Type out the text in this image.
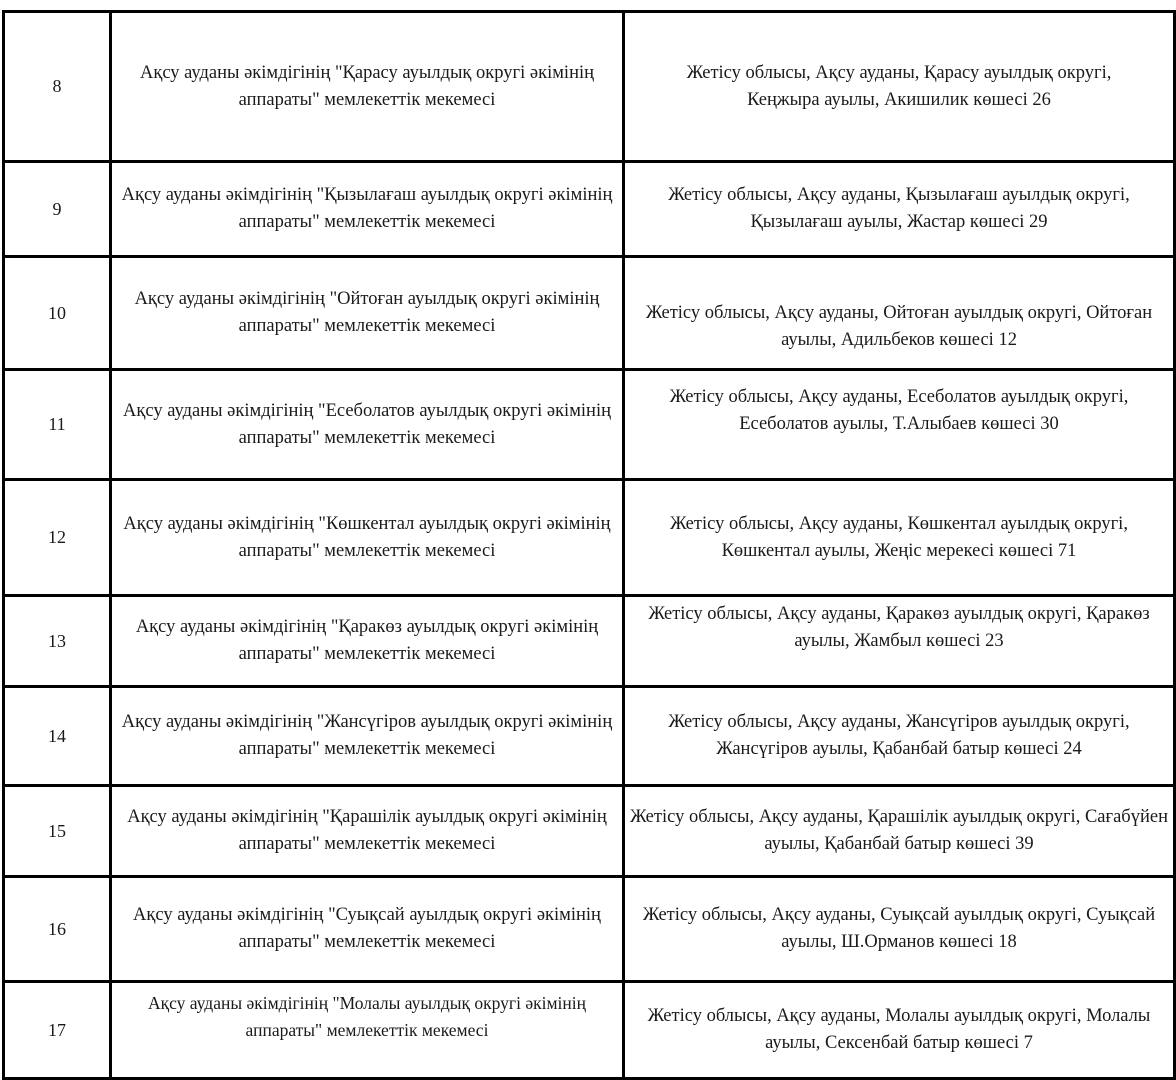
8	Ақсу ауданы әкімдігінің "Қарасу ауылдық округі әкімінің аппараты" мемлекеттік мекемесі	Жетісу облысы, Ақсу ауданы, Қарасу ауылдық округі, Кеңжыра ауылы, Акишилик көшесі 26
9	Ақсу ауданы әкімдігінің "Қызылағаш ауылдық округі әкімінің аппараты" мемлекеттік мекемесі	Жетісу облысы, Ақсу ауданы, Қызылағаш ауылдық округі, Қызылағаш ауылы, Жастар көшесі 29
10	Ақсу ауданы әкімдігінің "Ойтоған ауылдық округі әкімінің аппараты" мемлекеттік мекемесі	Жетісу облысы, Ақсу ауданы, Ойтоған ауылдық округі, Ойтоған ауылы, Адильбеков көшесі 12
11	Ақсу ауданы әкімдігінің "Есеболатов ауылдық округі әкімінің аппараты" мемлекеттік мекемесі	Жетісу облысы, Ақсу ауданы, Есеболатов ауылдық округі, Есеболатов ауылы, Т.Алыбаев көшесі 30
12	Ақсу ауданы әкімдігінің "Көшкентал ауылдық округі әкімінің аппараты" мемлекеттік мекемесі	Жетісу облысы, Ақсу ауданы, Көшкентал ауылдық округі, Көшкентал ауылы, Жеңіс мерекесі көшесі 71
13	Ақсу ауданы әкімдігінің "Қаракөз ауылдық округі әкімінің аппараты" мемлекеттік мекемесі	Жетісу облысы, Ақсу ауданы, Қаракөз ауылдық округі, Қаракөз ауылы, Жамбыл көшесі 23
14	Ақсу ауданы әкімдігінің "Жансүгіров ауылдық округі әкімінің аппараты" мемлекеттік мекемесі	Жетісу облысы, Ақсу ауданы, Жансүгіров ауылдық округі, Жансүгіров ауылы, Қабанбай батыр көшесі 24
15	Ақсу ауданы әкімдігінің "Қарашілік ауылдық округі әкімінің аппараты" мемлекеттік мекемесі	Жетісу облысы, Ақсу ауданы, Қарашілік ауылдық округі, Сағабүйен ауылы, Қабанбай батыр көшесі 39
16	Ақсу ауданы әкімдігінің "Суықсай ауылдық округі әкімінің аппараты" мемлекеттік мекемесі	Жетісу облысы, Ақсу ауданы, Суықсай ауылдық округі, Суықсай ауылы, Ш.Орманов көшесі 18
17	Ақсу ауданы әкімдігінің "Молалы ауылдық округі әкімінің аппараты" мемлекеттік мекемесі	Жетісу облысы, Ақсу ауданы, Молалы ауылдық округі, Молалы ауылы, Сексенбай батыр көшесі 7
